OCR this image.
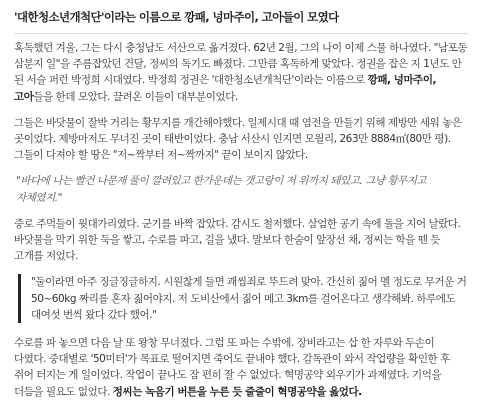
'대한청소년개척단'이라는 이름으로 깡패, 넝마주이, 고아들이 모였다

혹독했던 겨울, 그는 다시 충청남도 서산으로 옮겨졌다. 62년 2월, 그의 나이 이제 스물 하나였다. "남포동 삼분지 일"을 주름잡았던 건달, 정씨의 독기도 빠졌다. 그만큼 혹독하게 맞았다. 정권을 잡은 지 1년도 안 된 서슬 퍼런 박정희 시대였다. 박정희 정권은 '대한청소년개척단'이라는 이름으로 깡패, 넝마주이, 고아들을 한데 모았다. 끌려온 이들이 대부분이었다.

그들은 바닷물이 잘박 거리는 황무지를 개간해야했다. 일제시대 때 염전을 만들기 위해 제방만 세워 놓은 곳이었다. 제방마저도 무너진 곳이 태반이었다. 충남 서산시 인지면 모월리, 263만 8884㎡(80만 평). 그들이 다져야 할 땅은 "저~짝부터 저~짝까지" 끝이 보이지 않았다.

"바다에 나는 빨건 나문재 풀이 깔려있고 한가운데는 갯고랑이 저 위까지 돼있고. 그냥 황무지고 자체였지."

중로 주먹들이 윗대가리였다. 군기를 바짝 잡았다. 감시도 철저했다. 삼엄한 공기 속에 돌을 지어 날랐다. 바닷물을 막기 위한 둑을 쌓고, 수로를 파고, 길을 냈다. 말보다 한숨이 앞장선 채, 정씨는 학을 뗀 듯 고개를 저었다.

"둘이라면 아주 징글징글하지. 시원찮게 들면 괘씸죄로 뚜드려 맞아. 간신히 짊어 멜 정도로 무거운 거 50~60kg 짜리를 혼자 짊어야지. 저 도비산에서 짊어 메고 3km를 걸어온다고 생각해봐. 하루에도 대여섯 번씩 왔다 갔다 했어."

수로를 파 놓으면 다음 날 또 왕창 무너졌다. 그럼 또 파는 수밖에. 장비라고는 삽 한 자루와 두손이 다였다. 중대별로 '50미터'가 목표로 떨어지면 죽어도 끝내야 했다. 감독관이 와서 작업량을 확인한 후 쥐어 터지는 게 일이었다. 작업이 끝나도 잠 편히 잘 수 없었다. 혁명공약 외우기가 과제였다. 기억을 더듬을 필요도 없었다. 정씨는 녹음기 버튼을 누른 듯 줄줄이 혁명공약을 읊었다.
